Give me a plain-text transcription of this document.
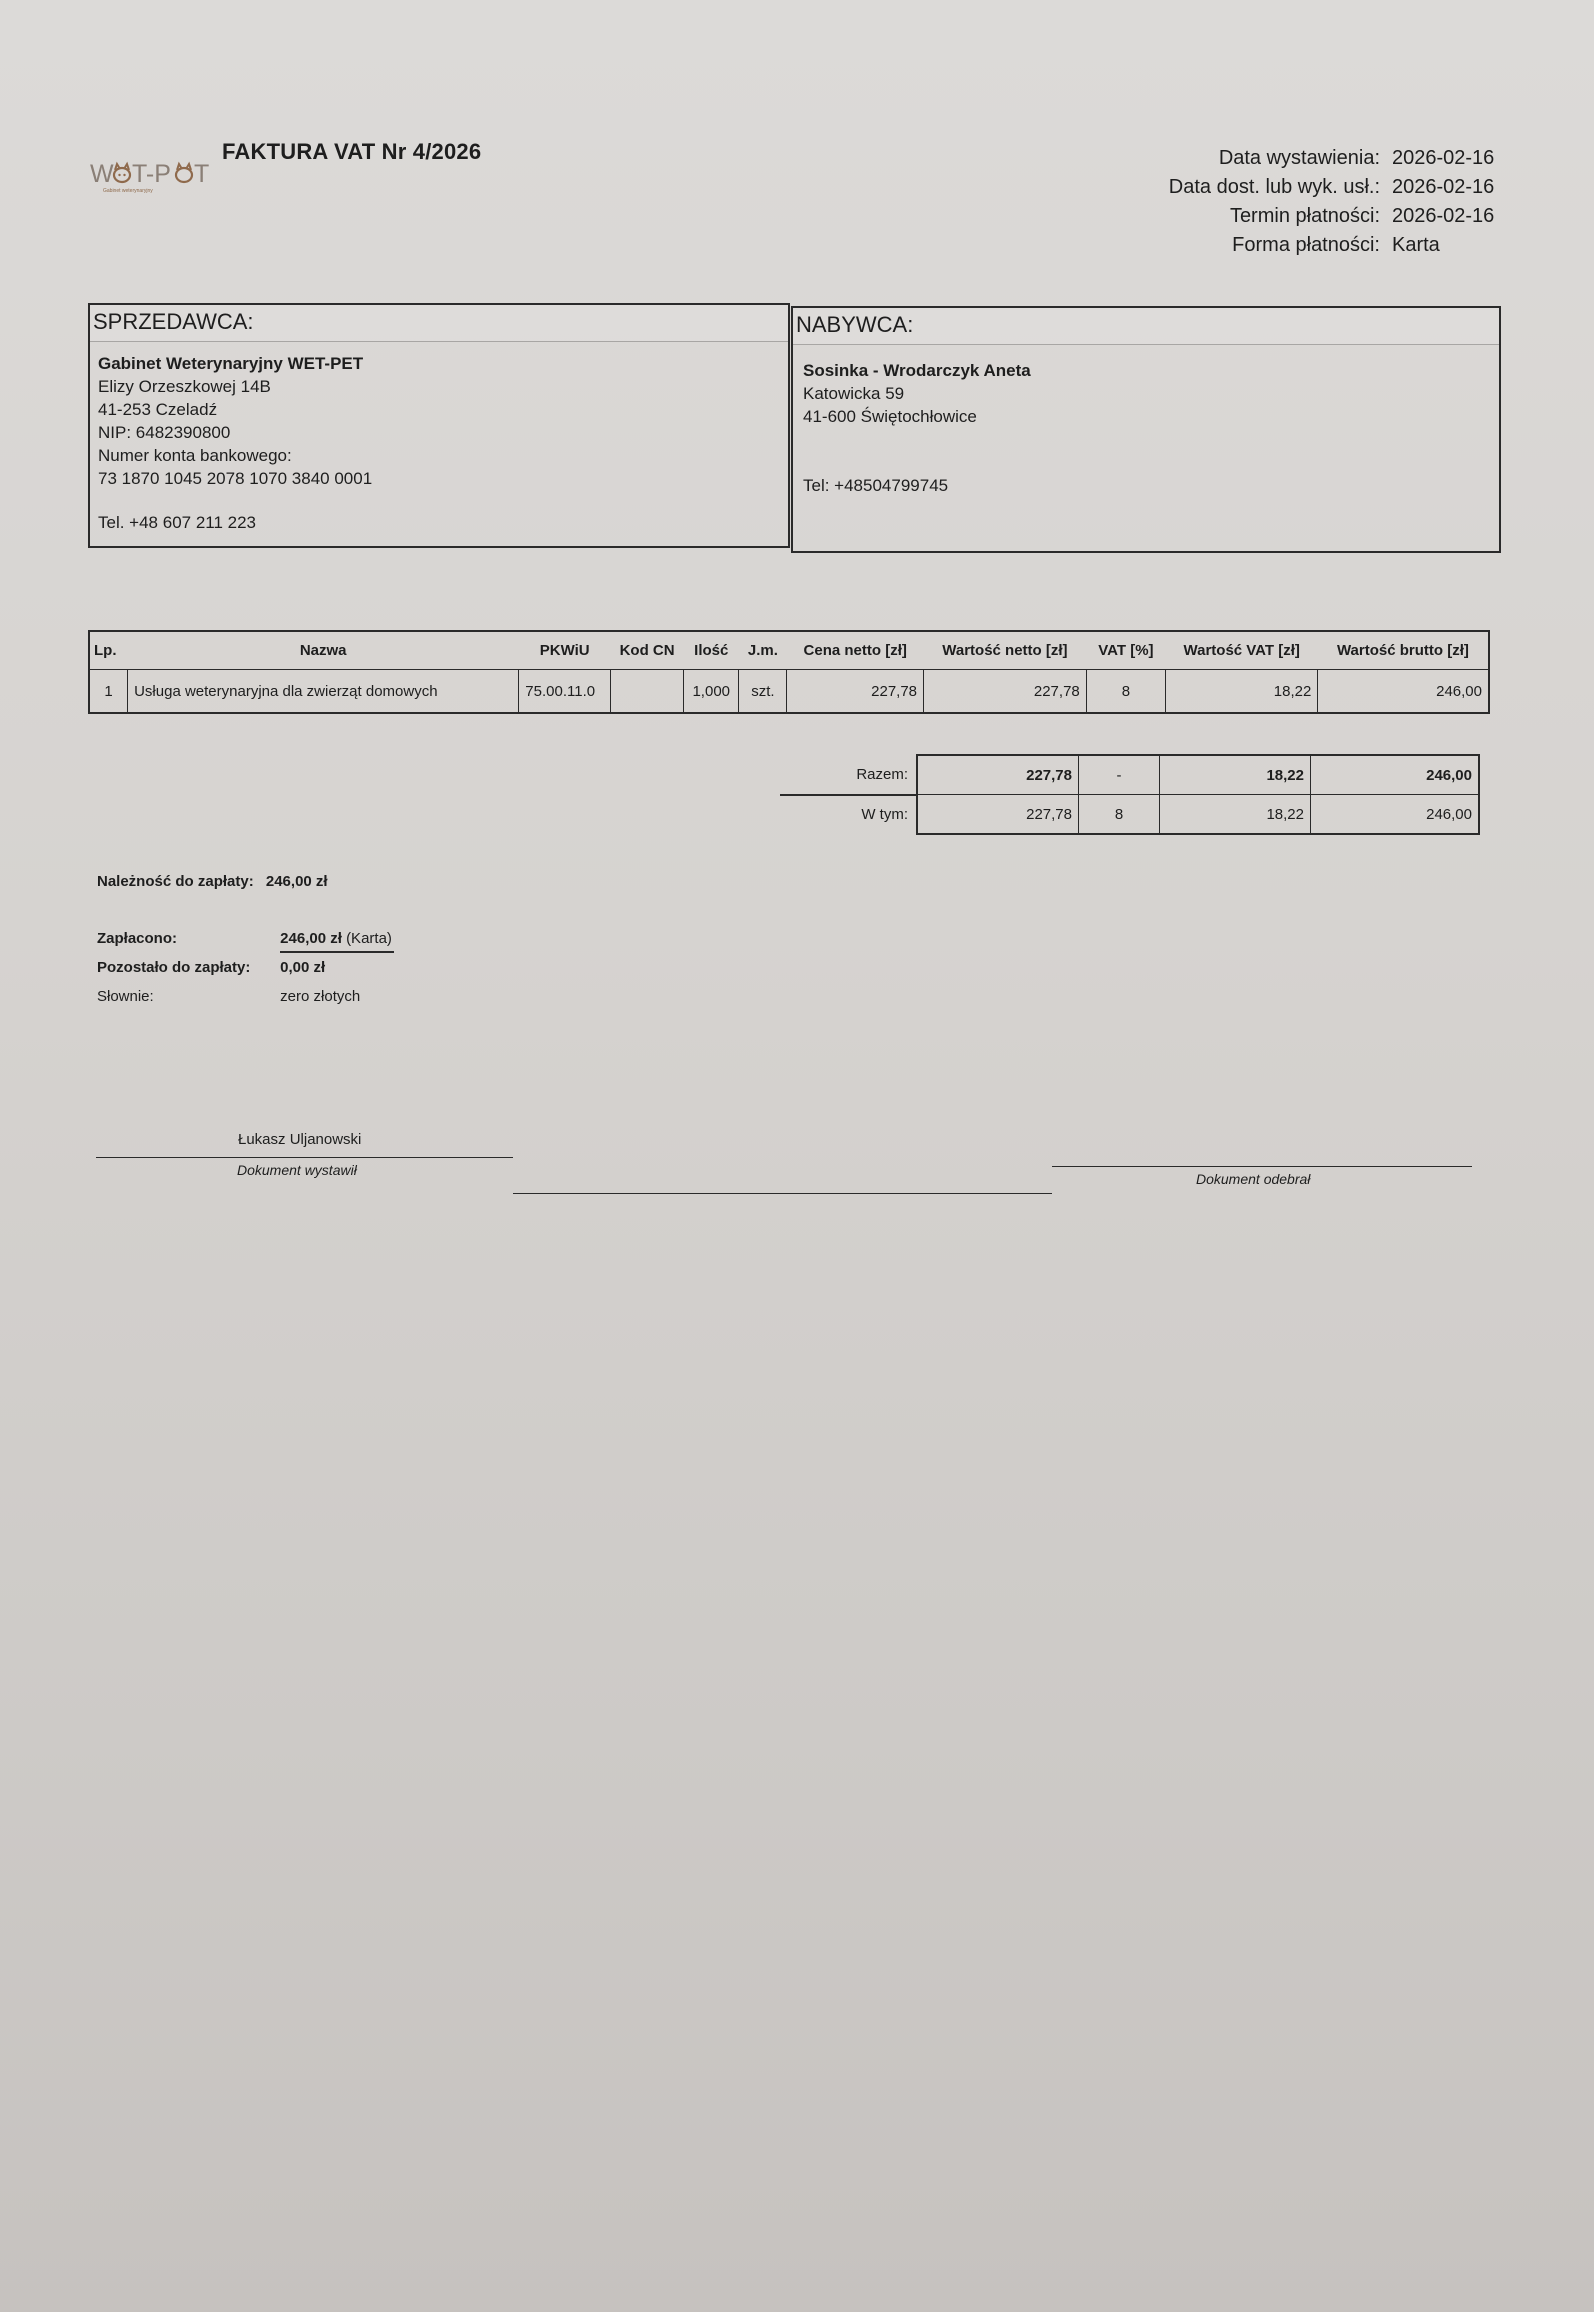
W T-P T
Gabinet weterynaryjny
FAKTURA VAT Nr 4/2026	Data wystawienia: 2026-02-16
Data dost. lub wyk. usł.: 2026-02-16
Termin płatności: 2026-02-16
Forma płatności: Karta
SPRZEDAWCA:
Gabinet Weterynaryjny WET-PET
Elizy Orzeszkowej 14B
41-253 Czeladź
NIP: 6482390800
Numer konta bankowego:
73 1870 1045 2078 1070 3840 0001
Tel. +48 607 211 223
NABYWCA:
Sosinka - Wrodarczyk Aneta
Katowicka 59
41-600 Świętochłowice
Tel: +48504799745
Lp.	Nazwa	PKWiU	Kod CN	Ilość	J.m.	Cena netto [zł]	Wartość netto [zł]	VAT [%]	Wartość VAT [zł]	Wartość brutto [zł]
1	Usługa weterynaryjna dla zwierząt domowych	75.00.11.0		1,000	szt.	227,78	227,78	8	18,22	246,00
Razem:	227,78	-	18,22	246,00
W tym:	227,78	8	18,22	246,00
Należność do zapłaty: 246,00 zł
Zapłacono:	246,00 zł (Karta)
Pozostało do zapłaty: 0,00 zł
Słownie:	zero złotych
Łukasz Uljanowski
Dokument wystawił
Dokument odebrał
